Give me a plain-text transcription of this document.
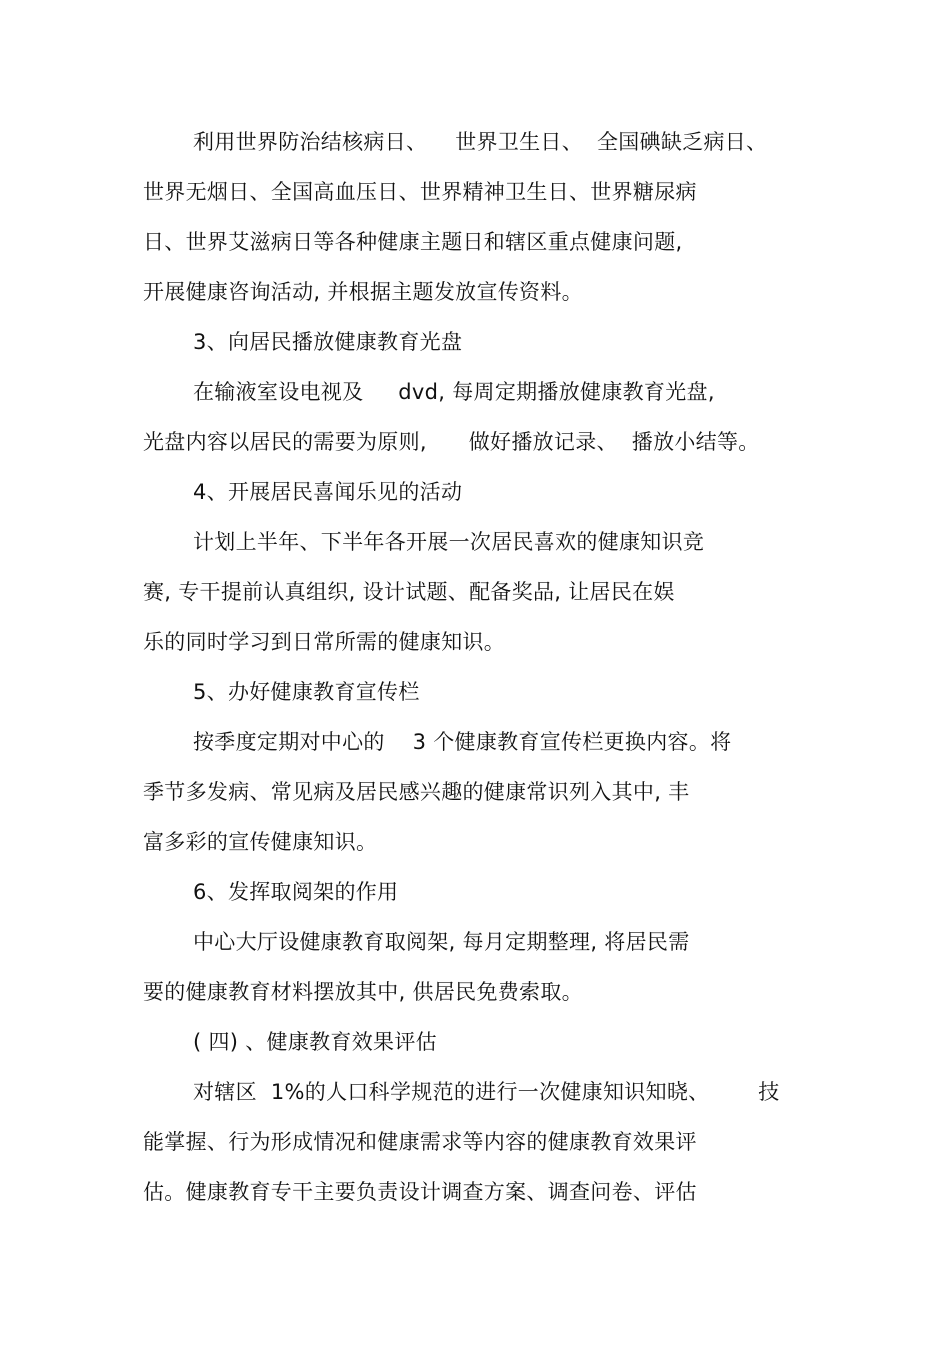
利用世界防治结核病日、    世界卫生日、  全国碘缺乏病日、
世界无烟日、全国高血压日、世界精神卫生日、世界糖尿病
日、世界艾滋病日等各种健康主题日和辖区重点健康问题,
开展健康咨询活动, 并根据主题发放宣传资料。
3、向居民播放健康教育光盘
在输液室设电视及     dvd, 每周定期播放健康教育光盘,
光盘内容以居民的需要为原则,      做好播放记录、  播放小结等。
4、开展居民喜闻乐见的活动
计划上半年、下半年各开展一次居民喜欢的健康知识竞
赛, 专干提前认真组织, 设计试题、配备奖品, 让居民在娱
乐的同时学习到日常所需的健康知识。
5、办好健康教育宣传栏
按季度定期对中心的    3 个健康教育宣传栏更换内容。将
季节多发病、常见病及居民感兴趣的健康常识列入其中, 丰
富多彩的宣传健康知识。
6、发挥取阅架的作用
中心大厅设健康教育取阅架, 每月定期整理, 将居民需
要的健康教育材料摆放其中, 供居民免费索取。
( 四) 、健康教育效果评估
对辖区  1%的人口科学规范的进行一次健康知识知晓、       技
能掌握、行为形成情况和健康需求等内容的健康教育效果评
估。健康教育专干主要负责设计调查方案、调查问卷、评估
